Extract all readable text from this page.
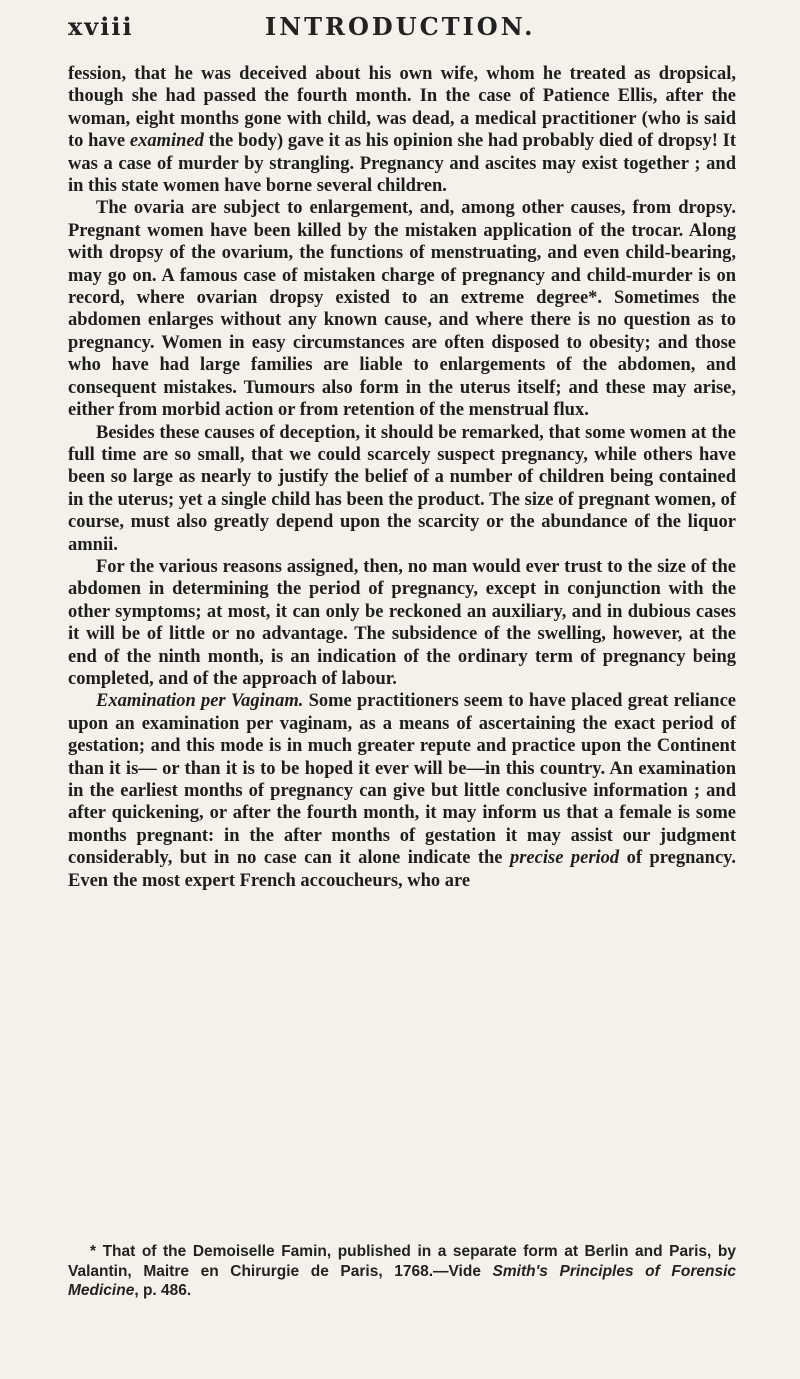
xviii	INTRODUCTION.

fession, that he was deceived about his own wife, whom he treated as dropsical, though she had passed the fourth month. In the case of Patience Ellis, after the woman, eight months gone with child, was dead, a medical practitioner (who is said to have examined the body) gave it as his opinion she had probably died of dropsy! It was a case of murder by strangling. Pregnancy and ascites may exist together ; and in this state women have borne several children.

The ovaria are subject to enlargement, and, among other causes, from dropsy. Pregnant women have been killed by the mistaken application of the trocar. Along with dropsy of the ovarium, the functions of menstruating, and even child-bearing, may go on. A famous case of mistaken charge of pregnancy and child-murder is on record, where ovarian dropsy existed to an extreme degree*. Sometimes the abdomen enlarges without any known cause, and where there is no question as to pregnancy. Women in easy circumstances are often disposed to obesity; and those who have had large families are liable to enlargements of the abdomen, and consequent mistakes. Tumours also form in the uterus itself; and these may arise, either from morbid action or from retention of the menstrual flux.

Besides these causes of deception, it should be remarked, that some women at the full time are so small, that we could scarcely suspect pregnancy, while others have been so large as nearly to justify the belief of a number of children being contained in the uterus; yet a single child has been the product. The size of pregnant women, of course, must also greatly depend upon the scarcity or the abundance of the liquor amnii.

For the various reasons assigned, then, no man would ever trust to the size of the abdomen in determining the period of pregnancy, except in conjunction with the other symptoms; at most, it can only be reckoned an auxiliary, and in dubious cases it will be of little or no advantage. The subsidence of the swelling, however, at the end of the ninth month, is an indication of the ordinary term of pregnancy being completed, and of the approach of labour.

Examination per Vaginam. Some practitioners seem to have placed great reliance upon an examination per vaginam, as a means of ascertaining the exact period of gestation; and this mode is in much greater repute and practice upon the Continent than it is— or than it is to be hoped it ever will be—in this country. An examination in the earliest months of pregnancy can give but little conclusive information ; and after quickening, or after the fourth month, it may inform us that a female is some months pregnant: in the after months of gestation it may assist our judgment considerably, but in no case can it alone indicate the precise period of pregnancy. Even the most expert French accoucheurs, who are

* That of the Demoiselle Famin, published in a separate form at Berlin and Paris, by Valantin, Maitre en Chirurgie de Paris, 1768.—Vide Smith's Principles of Forensic Medicine, p. 486.
